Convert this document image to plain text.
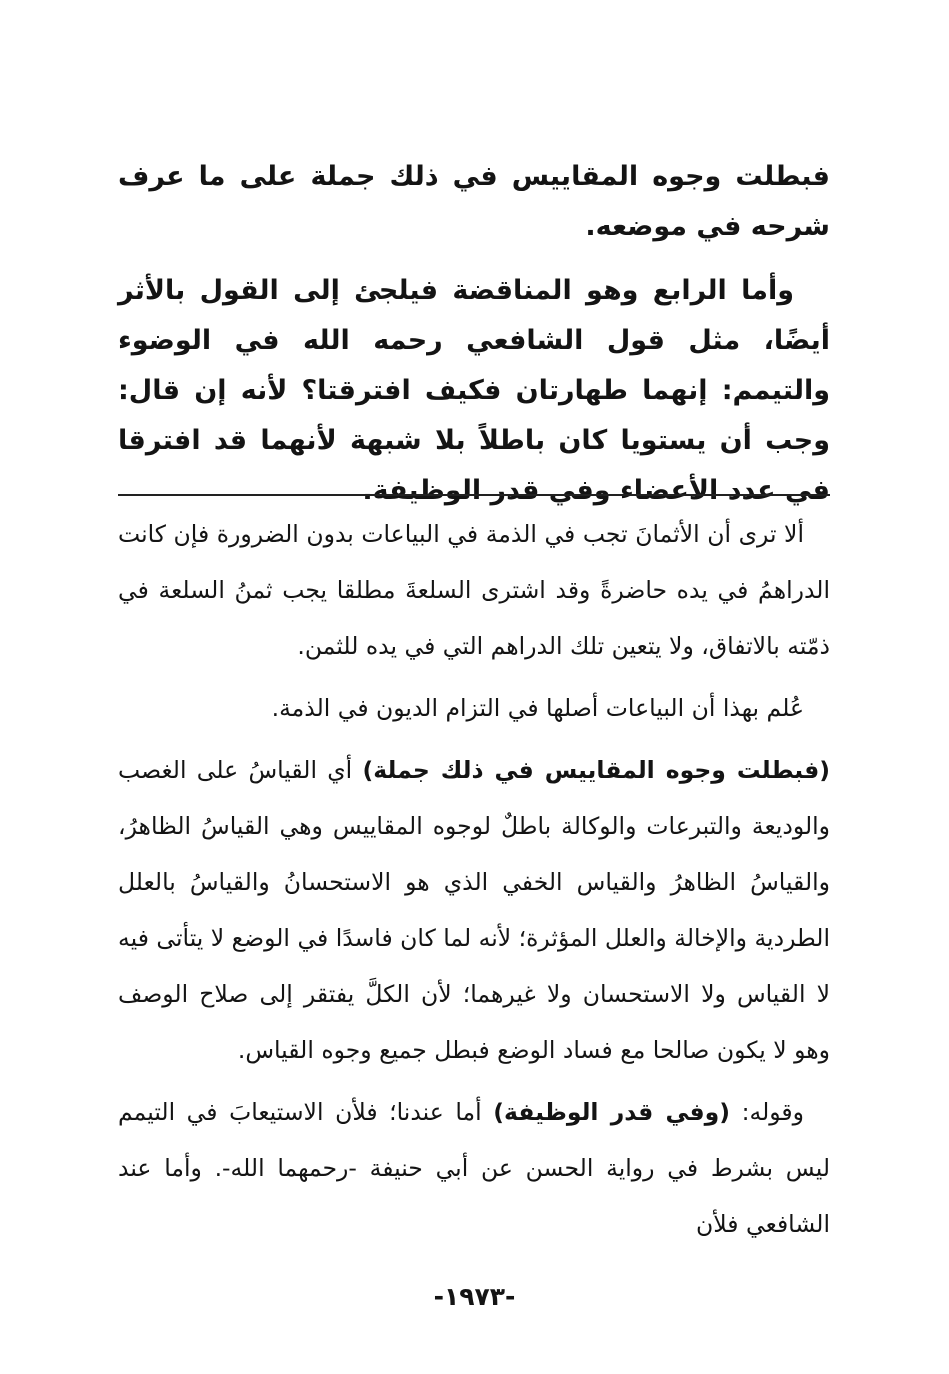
فبطلت وجوه المقاييس في ذلك جملة على ما عرف شرحه في موضعه.

وأما الرابع وهو المناقضة فيلجئ إلى القول بالأثر أيضًا، مثل قول الشافعي رحمه الله في الوضوء والتيمم: إنهما طهارتان فكيف افترقتا؟ لأنه إن قال: وجب أن يستويا كان باطلاً بلا شبهة لأنهما قد افترقا في عدد الأعضاء وفي قدر الوظيفة.

ألا ترى أن الأثمانَ تجب في الذمة في البياعات بدون الضرورة فإن كانت الدراهمُ في يده حاضرةً وقد اشترى السلعةَ مطلقا يجب ثمنُ السلعة في ذمّته بالاتفاق، ولا يتعين تلك الدراهم التي في يده للثمن.

عُلم بهذا أن البياعات أصلها في التزام الديون في الذمة.

(فبطلت وجوه المقاييس في ذلك جملة) أي القياسُ على الغصب والوديعة والتبرعات والوكالة باطلٌ لوجوه المقاييس وهي القياسُ الظاهرُ، والقياسُ الظاهرُ والقياس الخفي الذي هو الاستحسانُ والقياسُ بالعلل الطردية والإخالة والعلل المؤثرة؛ لأنه لما كان فاسدًا في الوضع لا يتأتى فيه لا القياس ولا الاستحسان ولا غيرهما؛ لأن الكلَّ يفتقر إلى صلاح الوصف وهو لا يكون صالحا مع فساد الوضع فبطل جميع وجوه القياس.

وقوله: (وفي قدر الوظيفة) أما عندنا؛ فلأن الاستيعابَ في التيمم ليس بشرط في رواية الحسن عن أبي حنيفة -رحمهما الله-. وأما عند الشافعي فلأن

-١٩٧٣-
